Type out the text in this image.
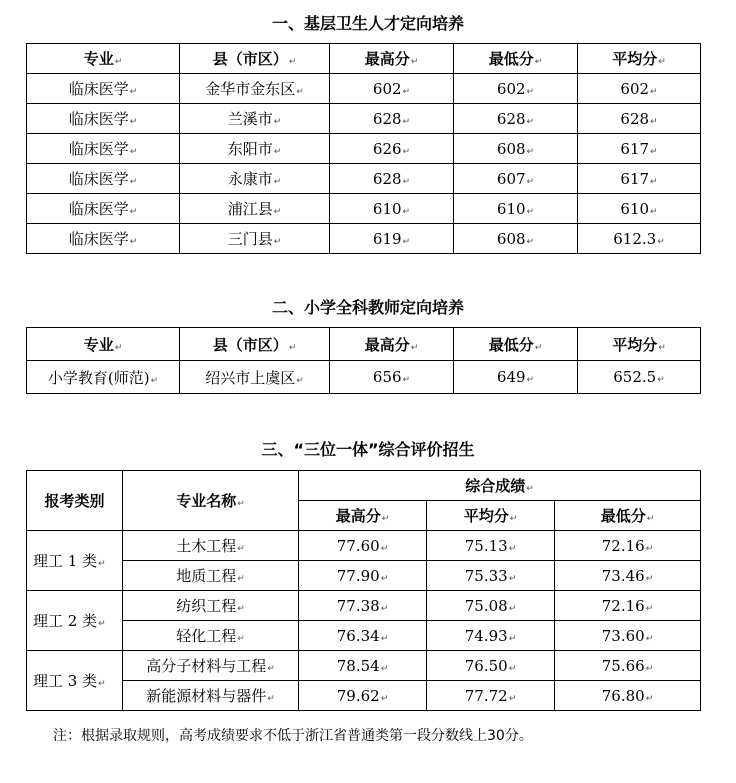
一、基层卫生人才定向培养
专业↵	县（市区）↵	最高分↵	最低分↵	平均分↵
临床医学↵	金华市金东区↵	602↵	602↵	602↵
临床医学↵	兰溪市↵	628↵	628↵	628↵
临床医学↵	东阳市↵	626↵	608↵	617↵
临床医学↵	永康市↵	628↵	607↵	617↵
临床医学↵	浦江县↵	610↵	610↵	610↵
临床医学↵	三门县↵	619↵	608↵	612.3↵
二、小学全科教师定向培养
专业↵	县（市区）↵	最高分↵	最低分↵	平均分↵
小学教育(师范)↵	绍兴市上虞区↵	656↵	649↵	652.5↵
三、“三位一体”综合评价招生
报考类别	专业名称↵	综合成绩↵		
		最高分↵	平均分↵	最低分↵
理工 1 类↵	土木工程↵	77.60↵	75.13↵	72.16↵
	地质工程↵	77.90↵	75.33↵	73.46↵
理工 2 类↵	纺织工程↵	77.38↵	75.08↵	72.16↵
	轻化工程↵	76.34↵	74.93↵	73.60↵
理工 3 类↵	高分子材料与工程↵	78.54↵	76.50↵	75.66↵
	新能源材料与器件↵	79.62↵	77.72↵	76.80↵
注：根据录取规则，高考成绩要求不低于浙江省普通类第一段分数线上30分。
